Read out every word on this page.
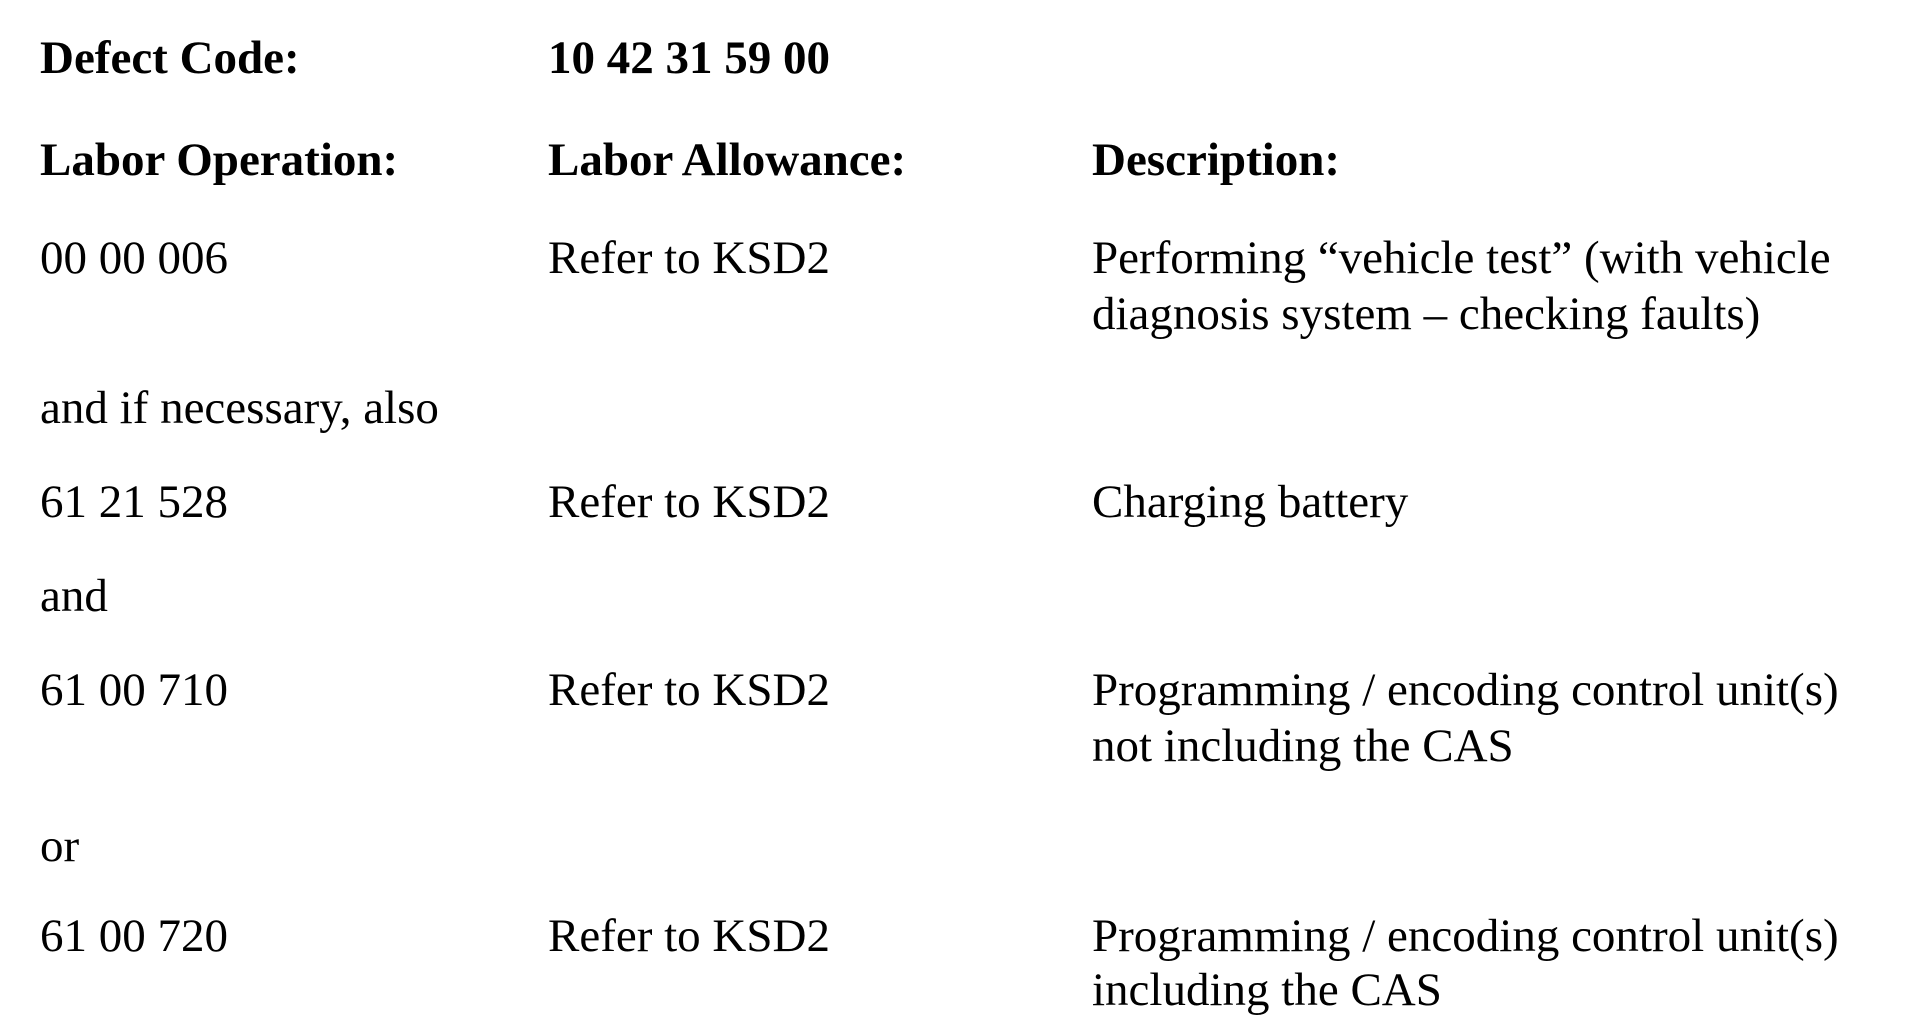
Defect Code:	10 42 31 59 00
Labor Operation:	Labor Allowance:	Description:
00 00 006	Refer to KSD2	Performing “vehicle test” (with vehicle
diagnosis system – checking faults)
and if necessary, also
61 21 528	Refer to KSD2	Charging battery
and
61 00 710	Refer to KSD2	Programming / encoding control unit(s)
not including the CAS
or
61 00 720	Refer to KSD2	Programming / encoding control unit(s)
including the CAS
